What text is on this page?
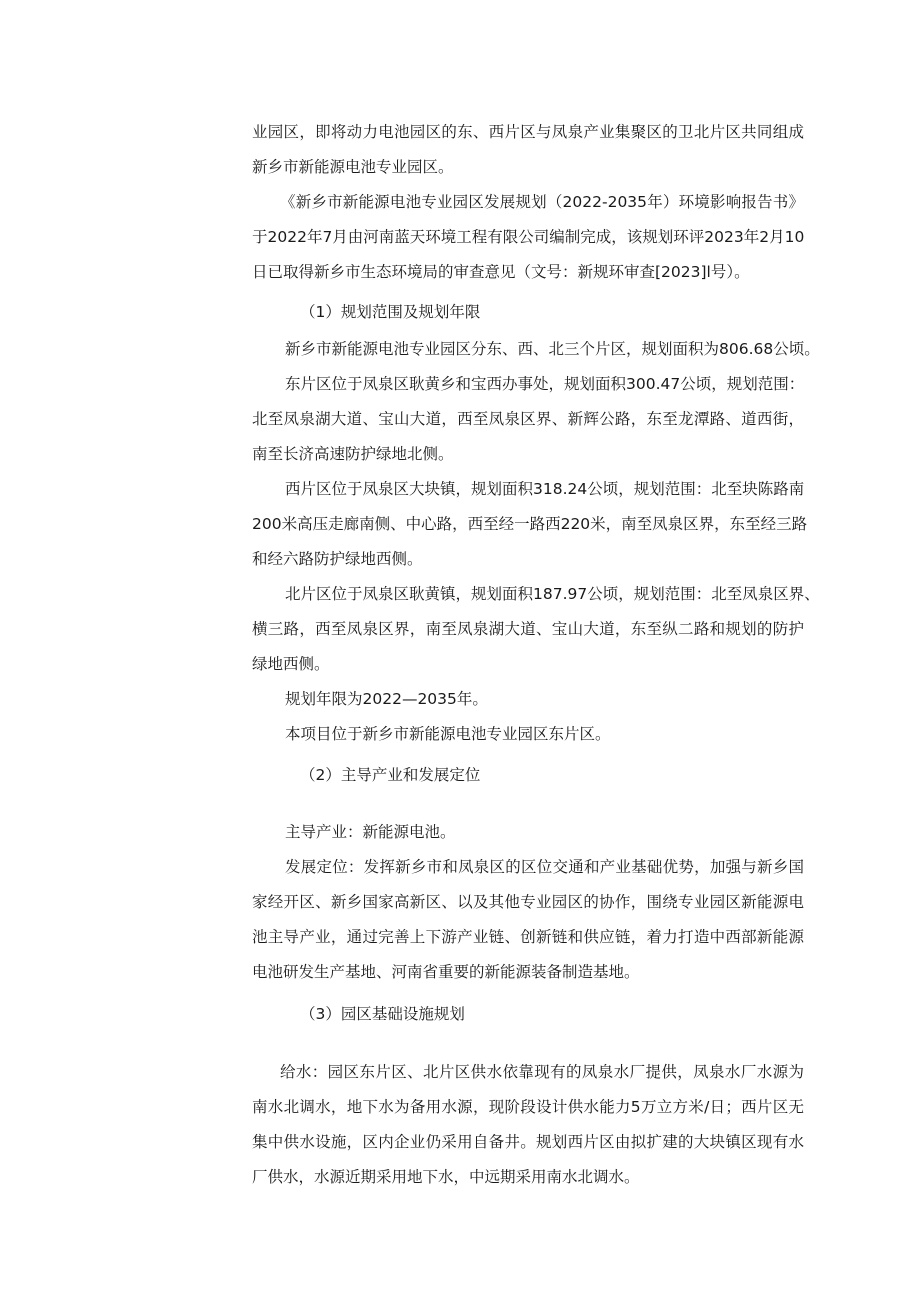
业园区，即将动力电池园区的东、西片区与凤泉产业集聚区的卫北片区共同组成

新乡市新能源电池专业园区。

《新乡市新能源电池专业园区发展规划（2022-2035年）环境影响报告书》

于2022年7月由河南蓝天环境工程有限公司编制完成，该规划环评2023年2月10

日已取得新乡市生态环境局的审查意见（文号：新规环审查[2023]l号）。

（1）规划范围及规划年限

新乡市新能源电池专业园区分东、西、北三个片区，规划面积为806.68公顷。

东片区位于凤泉区耿黄乡和宝西办事处，规划面积300.47公顷，规划范围：

北至凤泉湖大道、宝山大道，西至凤泉区界、新辉公路，东至龙潭路、道西街，

南至长济高速防护绿地北侧。

西片区位于凤泉区大块镇，规划面积318.24公顷，规划范围：北至块陈路南

200米高压走廊南侧、中心路，西至经一路西220米，南至凤泉区界，东至经三路

和经六路防护绿地西侧。

北片区位于凤泉区耿黄镇，规划面积187.97公顷，规划范围：北至凤泉区界、

横三路，西至凤泉区界，南至凤泉湖大道、宝山大道，东至纵二路和规划的防护

绿地西侧。

规划年限为2022—2035年。

本项目位于新乡市新能源电池专业园区东片区。

（2）主导产业和发展定位

主导产业：新能源电池。

发展定位：发挥新乡市和凤泉区的区位交通和产业基础优势，加强与新乡国

家经开区、新乡国家高新区、以及其他专业园区的协作，围绕专业园区新能源电

池主导产业，通过完善上下游产业链、创新链和供应链，着力打造中西部新能源

电池研发生产基地、河南省重要的新能源装备制造基地。

（3）园区基础设施规划

给水：园区东片区、北片区供水依靠现有的凤泉水厂提供，凤泉水厂水源为

南水北调水，地下水为备用水源，现阶段设计供水能力5万立方米/日；西片区无

集中供水设施，区内企业仍采用自备井。规划西片区由拟扩建的大块镇区现有水

厂供水，水源近期采用地下水，中远期采用南水北调水。
